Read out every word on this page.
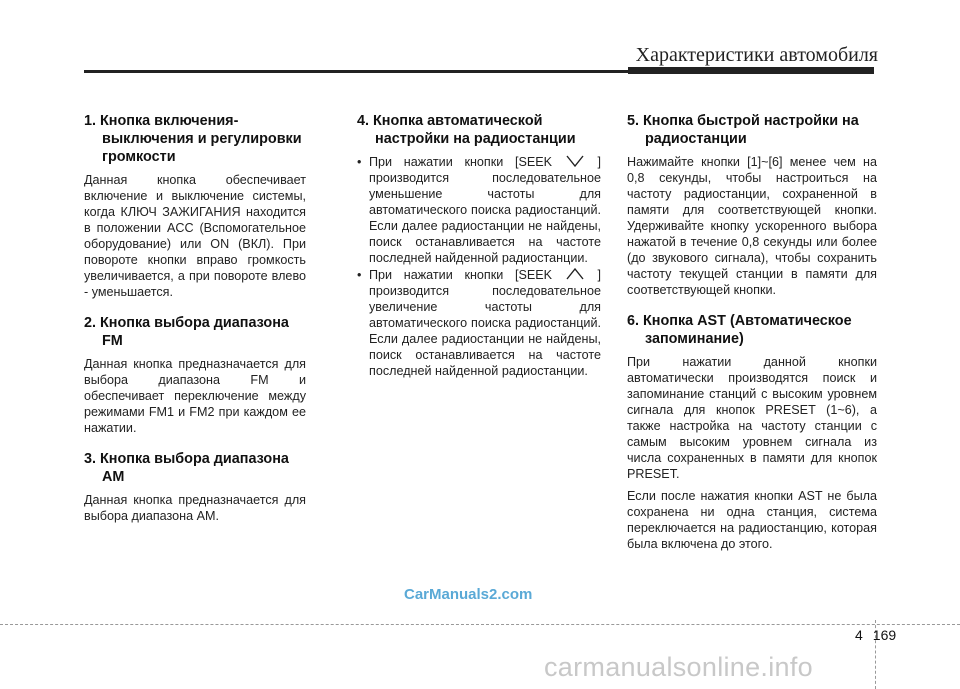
Характеристики автомобиля
1. Кнопка включения-выключения и регулировки громкости

Данная кнопка обеспечивает включение и выключение системы, когда КЛЮЧ ЗАЖИГАНИЯ находится в положении ACC (Вспомогательное оборудование) или ON (ВКЛ). При повороте кнопки вправо громкость увеличивается, а при повороте влево - уменьшается.

2. Кнопка выбора диапазона FM

Данная кнопка предназначается для выбора диапазона FM и обеспечивает переключение между режимами FM1 и FM2 при каждом ее нажатии.

3. Кнопка выбора диапазона AM

Данная кнопка предназначается для выбора диапазона AM.

4. Кнопка автоматической настройки на радиостанции
• При нажатии кнопки [SEEK	] производится последовательное уменьшение частоты для автоматического поиска радиостанций. Если далее радиостанции не найдены, поиск останавливается на частоте последней найденной радиостанции.
• При нажатии кнопки [SEEK	] производится последовательное увеличение частоты для автоматического поиска радиостанций. Если далее радиостанции не найдены, поиск останавливается на частоте последней найденной радиостанции.
5. Кнопка быстрой настройки на радиостанции

Нажимайте кнопки [1]~[6] менее чем на 0,8 секунды, чтобы настроиться на частоту радиостанции, сохраненной в памяти для соответствующей кнопки. Удерживайте кнопку ускоренного выбора нажатой в течение 0,8 секунды или более (до звукового сигнала), чтобы сохранить частоту текущей станции в памяти для соответствующей кнопки.

6. Кнопка AST (Автоматическое запоминание)

При нажатии данной кнопки автоматически производятся поиск и запоминание станций с высоким уровнем сигнала для кнопок PRESET (1~6), а также настройка на частоту станции с самым высоким уровнем сигнала из числа сохраненных в памяти для кнопок PRESET.

Если после нажатия кнопки AST не была сохранена ни одна станция, система переключается на радиостанцию, которая была включена до этого.

CarManuals2.com
4 169
carmanualsonline.info
